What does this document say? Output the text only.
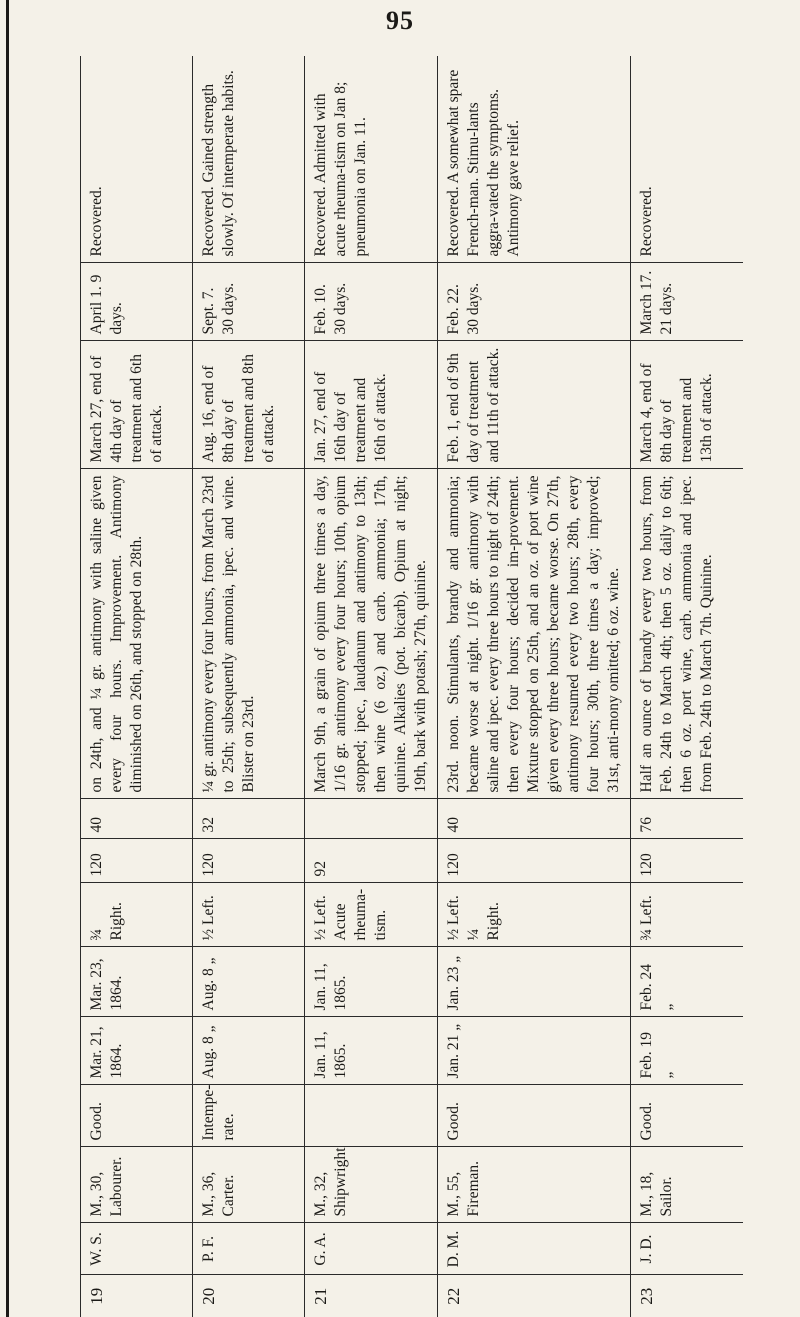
95
19	W. S.	M., 30, Labourer.	Good.	Mar. 21, 1864.	Mar. 23, 1864.	¾ Right.	120	40	on 24th, and ¼ gr. antimony with saline given every four hours. Improvement. Antimony diminished on 26th, and stopped on 28th.	March 27, end of 4th day of treatment and 6th of attack.	April 1. 9 days.	Recovered.
20	P. F.	M., 36, Carter.	Intempe-rate.	Aug. 8 „	Aug. 8 „	½ Left.	120	32	¼ gr. antimony every four hours, from March 23rd to 25th; subsequently ammonia, ipec. and wine. Blister on 23rd.	Aug. 16, end of 8th day of treatment and 8th of attack.	Sept. 7. 30 days.	Recovered. Gained strength slowly. Of intemperate habits.
21	G. A.	M., 32, Shipwright		Jan. 11, 1865.	Jan. 11, 1865.	½ Left. Acute rheuma-tism.	92		March 9th, a grain of opium three times a day, 1/16 gr. antimony every four hours; 10th, opium stopped; ipec., laudanum and antimony to 13th; then wine (6 oz.) and carb. ammonia; 17th, quinine. Alkalies (pot. bicarb). Opium at night; 19th, bark with potash; 27th, quinine.	Jan. 27, end of 16th day of treatment and 16th of attack.	Feb. 10. 30 days.	Recovered. Admitted with acute rheuma-tism on Jan 8; pneumonia on Jan. 11.
22	D. M.	M., 55, Fireman.	Good.	Jan. 21 „	Jan. 23 „	½ Left. ¼ Right.	120	40	23rd. noon. Stimulants, brandy and ammonia; became worse at night. 1/16 gr. antimony with saline and ipec. every three hours to night of 24th; then every four hours; decided im-provement. Mixture stopped on 25th, and an oz. of port wine given every three hours; became worse. On 27th, antimony resumed every two hours; 28th, every four hours; 30th, three times a day; improved; 31st, anti-mony omitted; 6 oz. wine.	Feb. 1, end of 9th day of treatment and 11th of attack.	Feb. 22. 30 days.	Recovered. A somewhat spare French-man. Stimu-lants aggra-vated the symptoms. Antimony gave relief.
23	J. D.	M., 18, Sailor.	Good.	Feb. 19 „	Feb. 24 „	¾ Left.	120	76	Half an ounce of brandy every two hours, from Feb. 24th to March 4th; then 5 oz. daily to 6th; then 6 oz. port wine, carb. ammonia and ipec. from Feb. 24th to March 7th. Quinine.	March 4, end of 8th day of treatment and 13th of attack.	March 17. 21 days.	Recovered.
